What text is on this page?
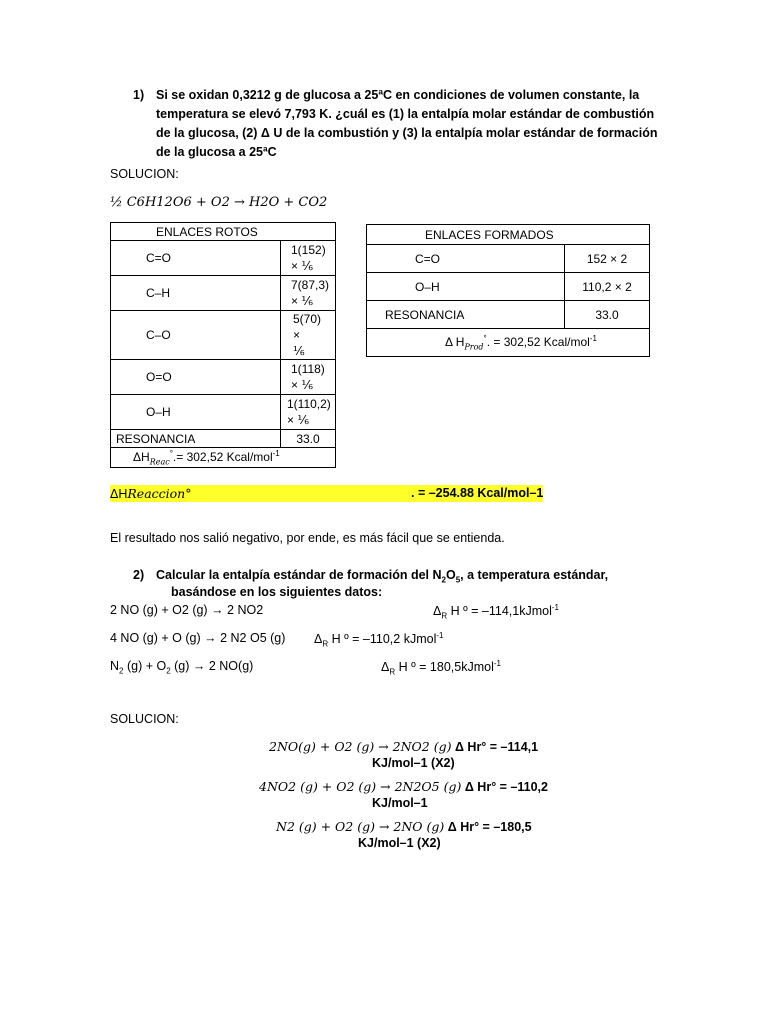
1) Si se oxidan 0,3212 g de glucosa a 25ªC en condiciones de volumen constante, la
temperatura se elevó 7,793 K. ¿cuál es (1) la entalpía molar estándar de combustión
de la glucosa, (2) Δ U de la combustión y (3) la entalpía molar estándar de formación
de la glucosa a 25ªC
SOLUCION:
½ C6H12O6 + O2 → H2O + CO2
ENLACES ROTOS	
C=O	1(152)
× ⅙

C–H	7(87,3)
× ⅙

C–O	5(70) ×
⅙

O=O	1(118)
× ⅙

O–H	1(110,2)
× ⅙

RESONANCIA	33.0
$\Delta H_{Reac}^\circ.= 302,52$ Kcal/mol$^{-1}$
ENLACES FORMADOS	
C=O	152 × 2
O–H	110,2 × 2
RESONANCIA	33.0
Δ $H_{Prod}^\circ$. = 302,52 Kcal/mol$^{-1}$
ΔHReaccion°	. = –254.88 Kcal/mol–1
El resultado nos salió negativo, por ende, es más fácil que se entienda.
2) Calcular la entalpía estándar de formación del $N_2O_5$, a temperatura estándar,
basándose en los siguientes datos:
2 NO (g) + O2 (g) → 2 NO2	$\Delta_R$ H º = –114,1kJmol$^{-1}$
4 NO (g) + O (g) → 2 N2 O5 (g) $\Delta_R$ H º = –110,2 kJmol$^{-1}$
$N_2$ $(g) + O_2$ (g) → 2 NO(g)	$\Delta_R$ H º = 180,5kJmol$^{-1}$
SOLUCION:
2NO(g) + O2 (g) → 2NO2 (g) Δ Hr° = –114,1
KJ/mol–1 (X2)
4NO2 (g) + O2 (g) → 2N2O5 (g) Δ Hr° = –110,2
KJ/mol–1
N2 (g) + O2 (g) → 2NO (g) Δ Hr° = –180,5
KJ/mol–1 (X2)
